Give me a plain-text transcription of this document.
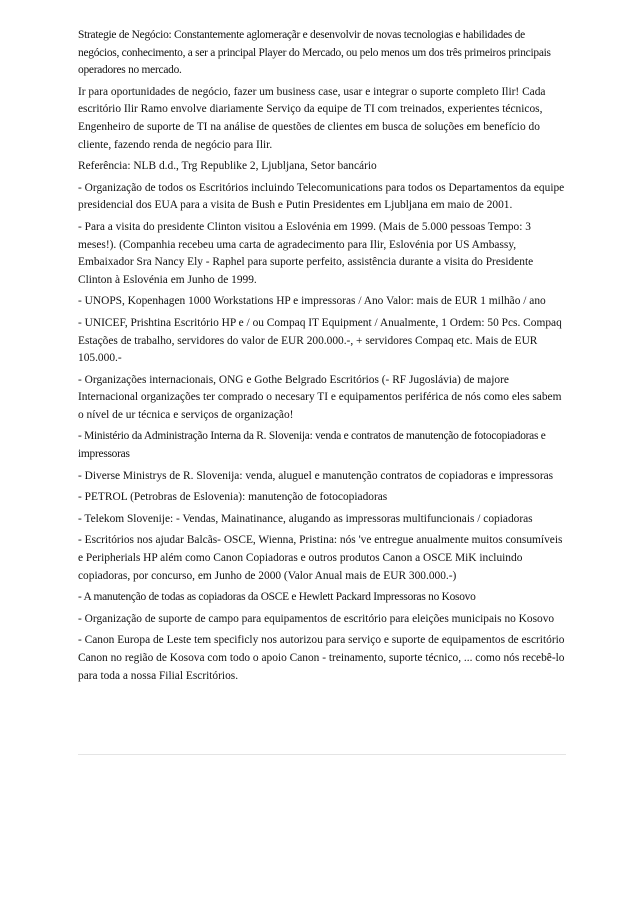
Strategie de Negócio: Constantemente aglomeraçãr e desenvolvir de novas tecnologias e habilidades de negócios, conhecimento, a ser a principal Player do Mercado, ou pelo menos um dos três primeiros principais operadores no mercado.

Ir para oportunidades de negócio, fazer um business case, usar e integrar o suporte completo Ilir! Cada escritório Ilir Ramo envolve diariamente Serviço da equipe de TI com treinados, experientes técnicos, Engenheiro de suporte de TI na análise de questões de clientes em busca de soluções em benefício do cliente, fazendo renda de negócio para Ilir.

Referência: NLB d.d., Trg Republike 2, Ljubljana, Setor bancário

- Organização de todos os Escritórios incluindo Telecomunications para todos os Departamentos da equipe presidencial dos EUA para a visita de Bush e Putin Presidentes em Ljubljana em maio de 2001.

- Para a visita do presidente Clinton visitou a Eslovénia em 1999. (Mais de 5.000 pessoas Tempo: 3 meses!). (Companhia recebeu uma carta de agradecimento para Ilir, Eslovénia por US Ambassy, Embaixador Sra Nancy Ely - Raphel para suporte perfeito, assistência durante a visita do Presidente Clinton à Eslovénia em Junho de 1999.

- UNOPS, Kopenhagen 1000 Workstations HP e impressoras / Ano Valor: mais de EUR 1 milhão / ano

- UNICEF, Prishtina Escritório HP e / ou Compaq IT Equipment / Anualmente, 1 Ordem: 50 Pcs. Compaq Estações de trabalho, servidores do valor de EUR 200.000.-, + servidores Compaq etc. Mais de EUR 105.000.-

- Organizações internacionais, ONG e Gothe Belgrado Escritórios (- RF Jugoslávia) de majore Internacional organizações ter comprado o necesary TI e equipamentos periférica de nós como eles sabem o nível de ur técnica e serviços de organização!

- Ministério da Administração Interna da R. Slovenija: venda e contratos de manutenção de fotocopiadoras e impressoras

- Diverse Ministrys de R. Slovenija: venda, aluguel e manutenção contratos de copiadoras e impressoras

- PETROL (Petrobras de Eslovenia): manutenção de fotocopiadoras

- Telekom Slovenije: - Vendas, Mainatinance, alugando as impressoras multifuncionais / copiadoras

- Escritórios nos ajudar Balcãs- OSCE, Wienna, Pristina: nós 've entregue anualmente muitos consumíveis e Peripherials HP além como Canon Copiadoras e outros produtos Canon a OSCE MiK incluindo copiadoras, por concurso, em Junho de 2000 (Valor Anual mais de EUR 300.000.-)

- A manutenção de todas as copiadoras da OSCE e Hewlett Packard Impressoras no Kosovo

- Organização de suporte de campo para equipamentos de escritório para eleições municipais no Kosovo

- Canon Europa de Leste tem specificly nos autorizou para serviço e suporte de equipamentos de escritório Canon no região de Kosova com todo o apoio Canon - treinamento, suporte técnico, ... como nós recebê-lo para toda a nossa Filial Escritórios.
